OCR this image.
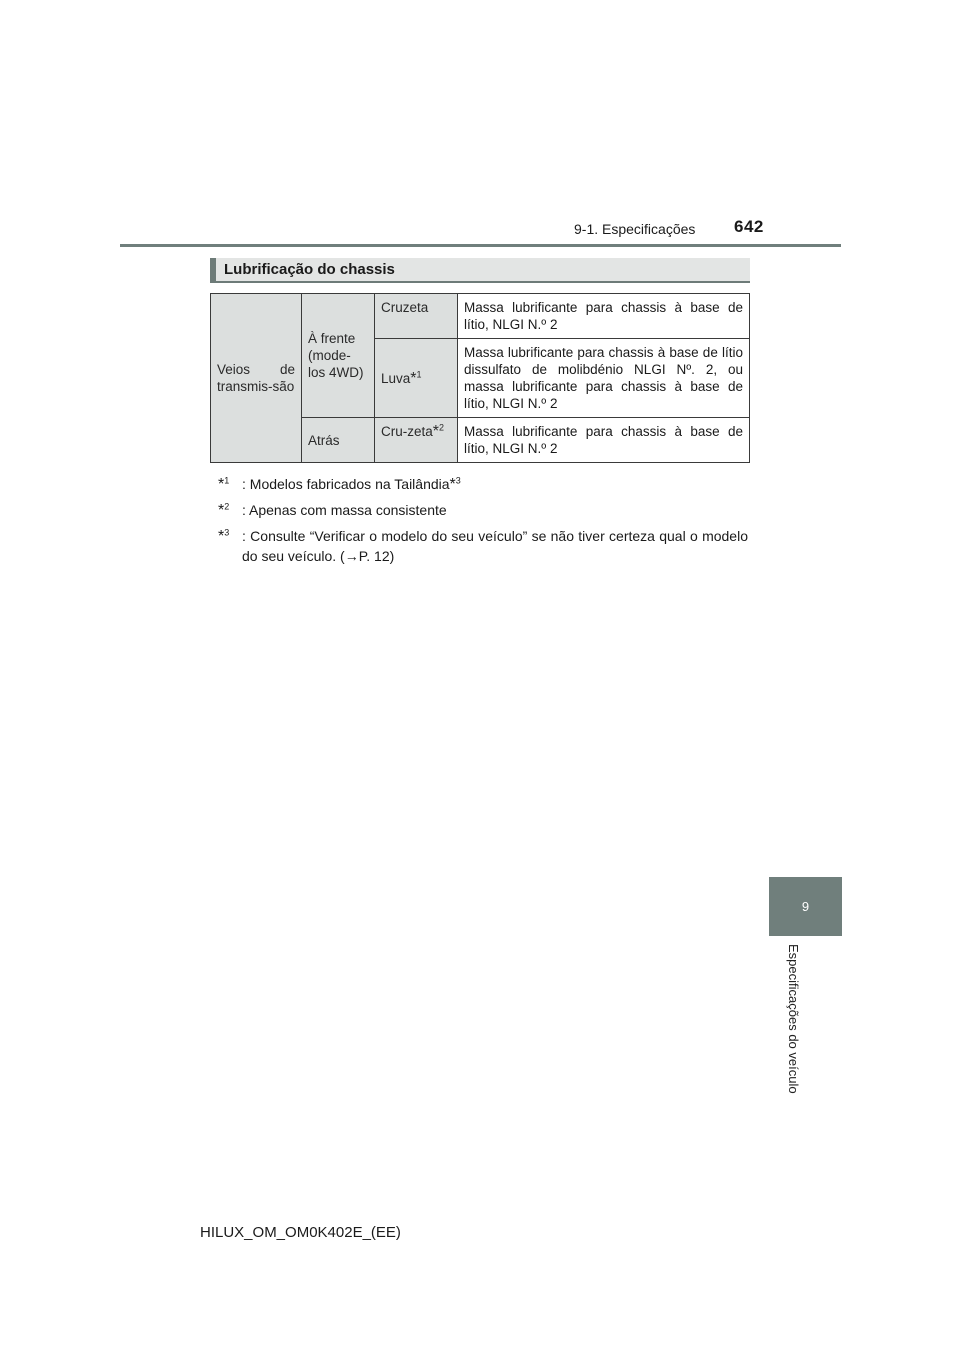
9-1. Especificações 642
Lubrificação do chassis
Veios de transmis-são	À frente (mode-los 4WD)	Cruzeta	Massa lubrificante para chassis à base de lítio, NLGI N.º 2
		Luva*$^1$	Massa lubrificante para chassis à base de lítio dissulfato de molibdénio NLGI Nº. 2, ou massa lubrificante para chassis à base de lítio, NLGI N.º 2
	Atrás	Cru-zeta*$^2$	Massa lubrificante para chassis à base de lítio, NLGI N.º 2
*$^1$ : Modelos fabricados na Tailândia*$^3$
*$^2$ : Apenas com massa consistente
*$^3$ : Consulte “Verificar o modelo do seu veículo” se não tiver certeza qual o modelo do seu veículo. (→P. 12)
9
Especificações do veículo
HILUX_OM_OM0K402E_(EE)
